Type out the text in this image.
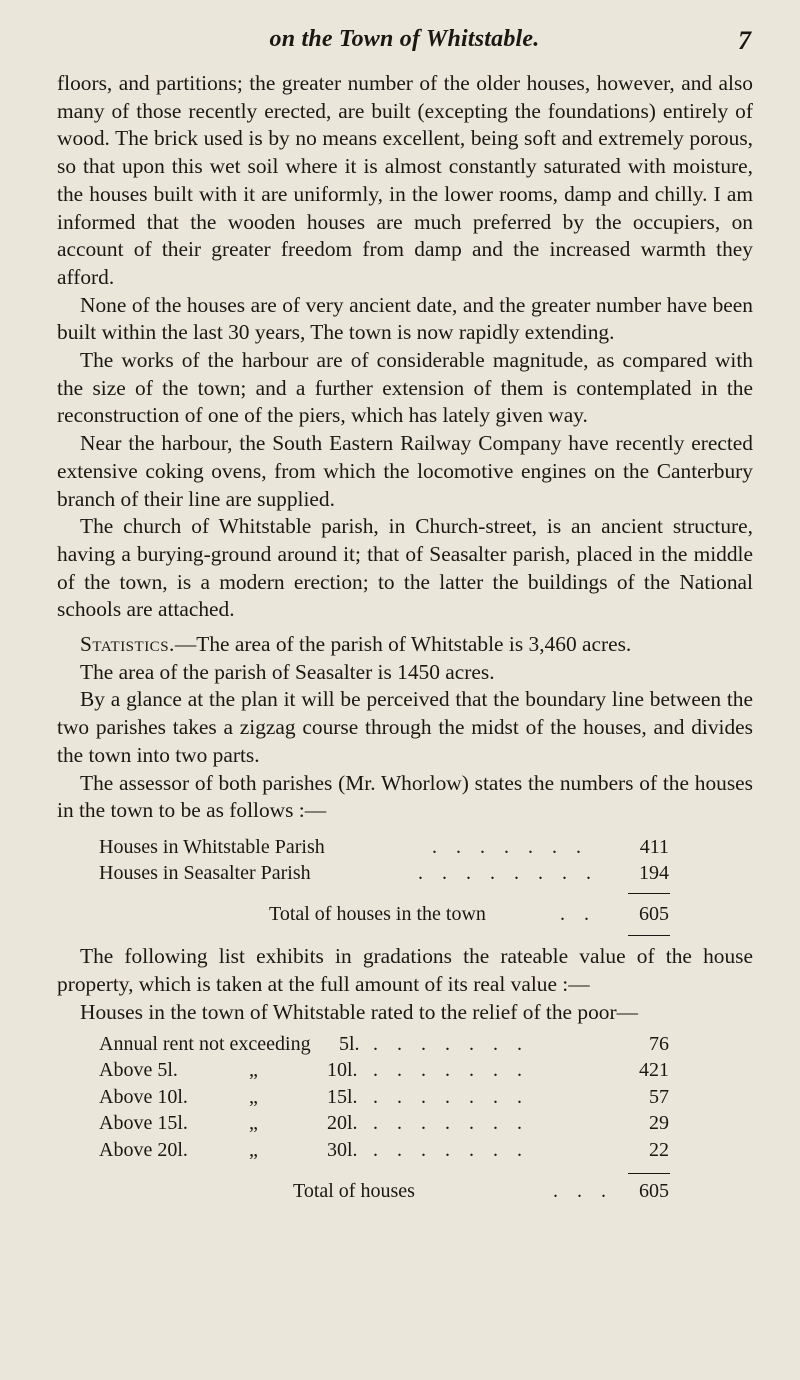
on the Town of Whitstable.	7

floors, and partitions; the greater number of the older houses, however, and also many of those recently erected, are built (excepting the foundations) entirely of wood. The brick used is by no means excellent, being soft and extremely porous, so that upon this wet soil where it is almost constantly saturated with moisture, the houses built with it are uniformly, in the lower rooms, damp and chilly. I am informed that the wooden houses are much preferred by the occupiers, on account of their greater freedom from damp and the increased warmth they afford.

None of the houses are of very ancient date, and the greater number have been built within the last 30 years, The town is now rapidly extending.

The works of the harbour are of considerable magnitude, as compared with the size of the town; and a further extension of them is contemplated in the reconstruction of one of the piers, which has lately given way.

Near the harbour, the South Eastern Railway Company have recently erected extensive coking ovens, from which the locomotive engines on the Canterbury branch of their line are supplied.

The church of Whitstable parish, in Church-street, is an ancient structure, having a burying-ground around it; that of Seasalter parish, placed in the middle of the town, is a modern erection; to the latter the buildings of the National schools are attached.

Statistics.—The area of the parish of Whitstable is 3,460 acres.

The area of the parish of Seasalter is 1450 acres.

By a glance at the plan it will be perceived that the boundary line between the two parishes takes a zigzag course through the midst of the houses, and divides the town into two parts.

The assessor of both parishes (Mr. Whorlow) states the numbers of the houses in the town to be as follows :—

Houses in Whitstable Parish	. . . . . . .	411
Houses in Seasalter Parish	. . . . . . . .	194
Total of houses in the town	. .	605

The following list exhibits in gradations the rateable value of the house property, which is taken at the full amount of its real value :—

Houses in the town of Whitstable rated to the relief of the poor—

Annual rent not exceeding 5l. . . . . . . .	76
Above 5l.	„	10l. . . . . . . .	421
Above 10l.	„	15l. . . . . . . .	57
Above 15l.	„	20l. . . . . . . .	29
Above 20l.	„	30l. . . . . . . .	22
Total of houses	. . .	605
